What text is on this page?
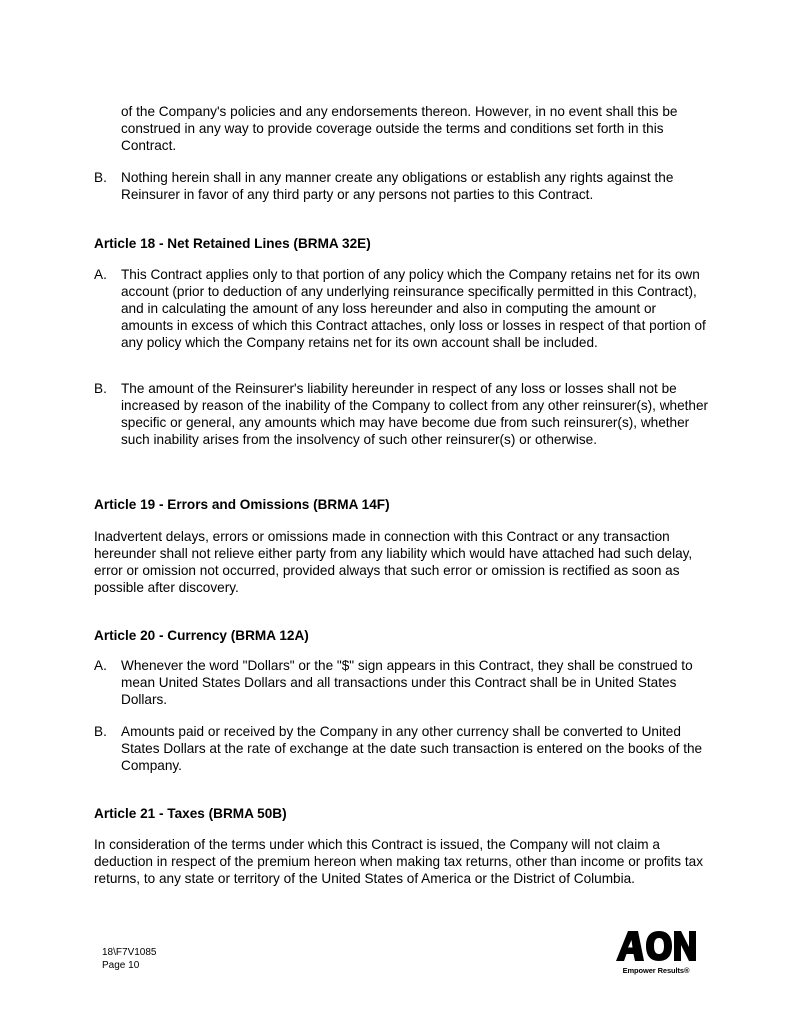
of the Company's policies and any endorsements thereon. However, in no event shall this be construed in any way to provide coverage outside the terms and conditions set forth in this Contract.

B. Nothing herein shall in any manner create any obligations or establish any rights against the Reinsurer in favor of any third party or any persons not parties to this Contract.

Article 18 - Net Retained Lines (BRMA 32E)

A. This Contract applies only to that portion of any policy which the Company retains net for its own account (prior to deduction of any underlying reinsurance specifically permitted in this Contract), and in calculating the amount of any loss hereunder and also in computing the amount or amounts in excess of which this Contract attaches, only loss or losses in respect of that portion of any policy which the Company retains net for its own account shall be included.

B. The amount of the Reinsurer's liability hereunder in respect of any loss or losses shall not be increased by reason of the inability of the Company to collect from any other reinsurer(s), whether specific or general, any amounts which may have become due from such reinsurer(s), whether such inability arises from the insolvency of such other reinsurer(s) or otherwise.

Article 19 - Errors and Omissions (BRMA 14F)

Inadvertent delays, errors or omissions made in connection with this Contract or any transaction hereunder shall not relieve either party from any liability which would have attached had such delay, error or omission not occurred, provided always that such error or omission is rectified as soon as possible after discovery.

Article 20 - Currency (BRMA 12A)

A. Whenever the word "Dollars" or the "$" sign appears in this Contract, they shall be construed to mean United States Dollars and all transactions under this Contract shall be in United States Dollars.

B. Amounts paid or received by the Company in any other currency shall be converted to United States Dollars at the rate of exchange at the date such transaction is entered on the books of the Company.

Article 21 - Taxes (BRMA 50B)

In consideration of the terms under which this Contract is issued, the Company will not claim a deduction in respect of the premium hereon when making tax returns, other than income or profits tax returns, to any state or territory of the United States of America or the District of Columbia.

18\F7V1085
Page 10	Empower Results®
